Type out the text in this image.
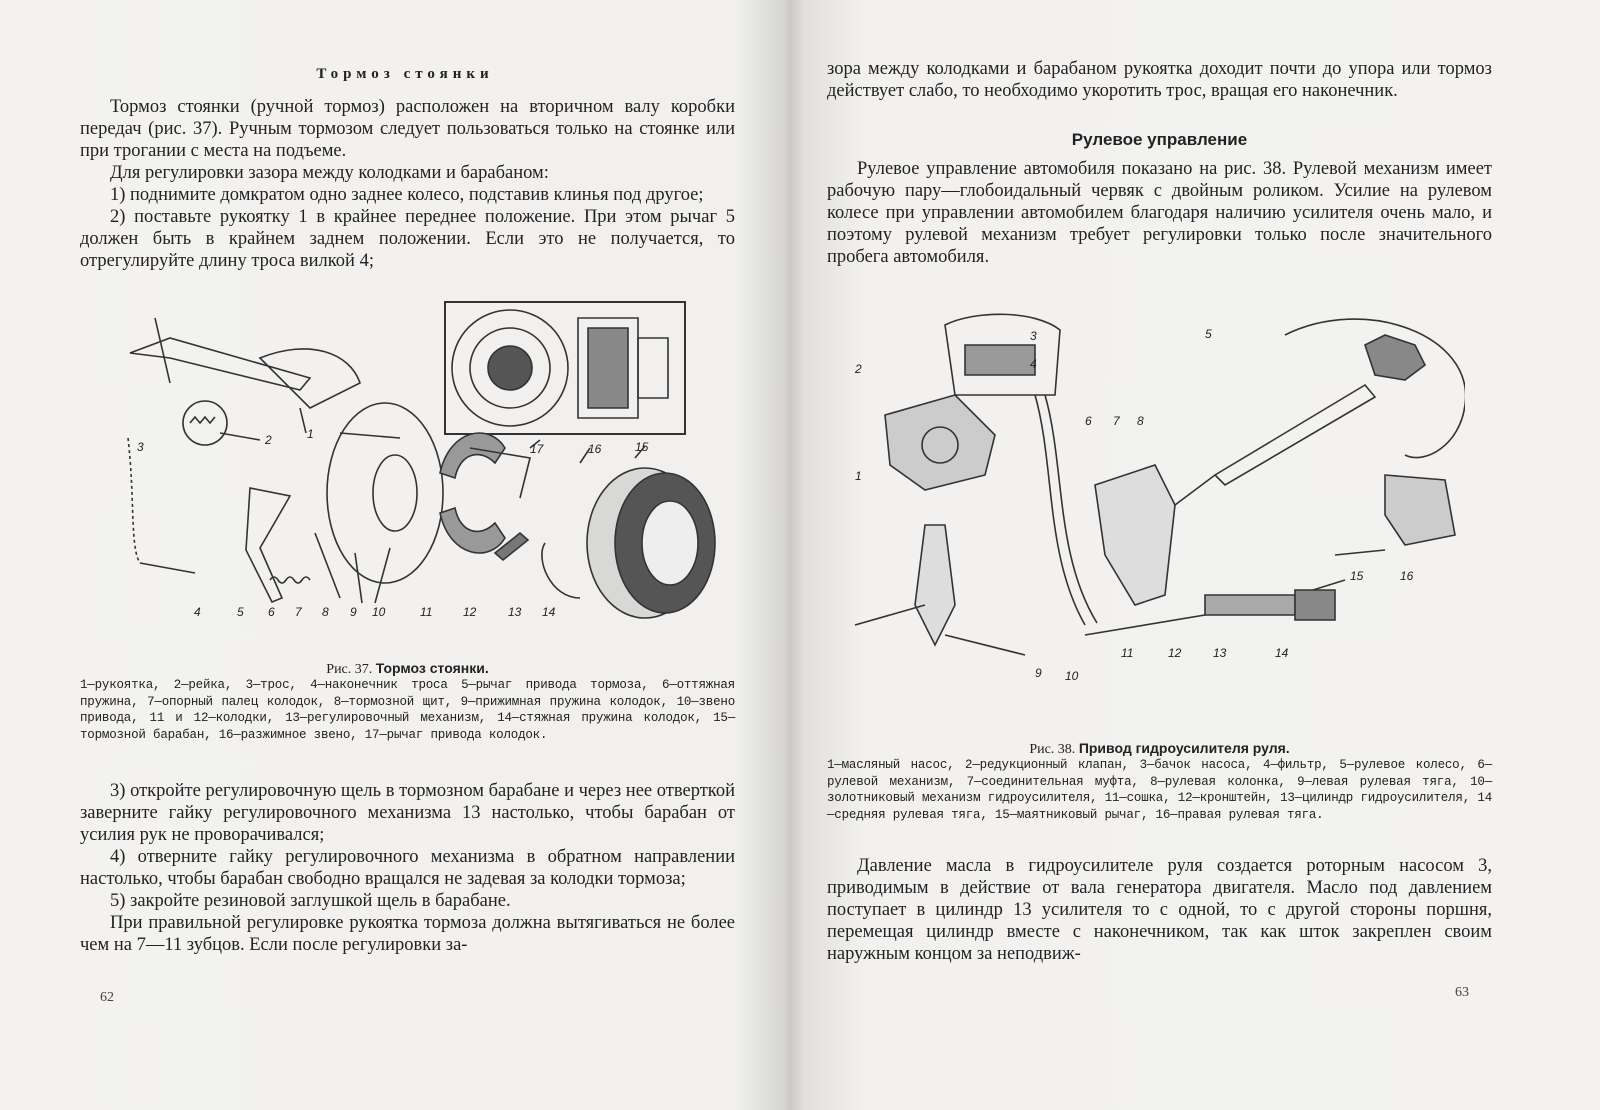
Тормоз стоянки

Тормоз стоянки (ручной тормоз) расположен на вторичном валу коробки передач (рис. 37). Ручным тормозом следует пользоваться только на стоянке или при трогании с места на подъеме.

Для регулировки зазора между колодками и барабаном:

1) поднимите домкратом одно заднее колесо, подставив клинья под другое;

2) поставьте рукоятку 1 в крайнее переднее положение. При этом рычаг 5 должен быть в крайнем заднем положении. Если это не получается, то отрегулируйте длину троса вилкой 4;

1
2
3
4	5 6 7 8 9 10	11	12	13 14
15
16
17
Рис. 37. Тормоз стоянки.
1—рукоятка, 2—рейка, 3—трос, 4—наконечник троса 5—рычаг привода тормоза, 6—оттяжная пружина, 7—опорный палец колодок, 8—тормозной щит, 9—прижимная пружина колодок, 10—звено привода, 11 и 12—колодки, 13—регулировочный механизм, 14—стяжная пружина колодок, 15—тормозной барабан, 16—разжимное звено, 17—рычаг привода колодок.

3) откройте регулировочную щель в тормозном барабане и через нее отверткой заверните гайку регулировочного механизма 13 настолько, чтобы барабан от усилия рук не проворачивался;

4) отверните гайку регулировочного механизма в обратном направлении настолько, чтобы барабан свободно вращался не задевая за колодки тормоза;

5) закройте резиновой заглушкой щель в барабане.

При правильной регулировке рукоятка тормоза должна вытягиваться не более чем на 7—11 зубцов. Если после регулировки за-

62
зора между колодками и барабаном рукоятка доходит почти до упора или тормоз действует слабо, то необходимо укоротить трос, вращая его наконечник.
Рулевое управление

Рулевое управление автомобиля показано на рис. 38. Рулевой механизм имеет рабочую пару—глобоидальный червяк с двойным роликом. Усилие на рулевом колесе при управлении автомобилем благодаря наличию усилителя очень мало, и поэтому рулевой механизм требует регулировки только после значительного пробега автомобиля.

1
2
3
4
5
6 7 8
9 10
11	12	13	14
15	16
Рис. 38. Привод гидроусилителя руля.
1—масляный насос, 2—редукционный клапан, 3—бачок насоса, 4—фильтр, 5—рулевое колесо, 6—рулевой механизм, 7—соединительная муфта, 8—рулевая колонка, 9—левая рулевая тяга, 10—золотниковый механизм гидроусилителя, 11—сошка, 12—кронштейн, 13—цилиндр гидроусилителя, 14—средняя рулевая тяга, 15—маятниковый рычаг, 16—правая рулевая тяга.

Давление масла в гидроусилителе руля создается роторным насосом 3, приводимым в действие от вала генератора двигателя. Масло под давлением поступает в цилиндр 13 усилителя то с одной, то с другой стороны поршня, перемещая цилиндр вместе с наконечником, так как шток закреплен своим наружным концом за неподвиж-

63
